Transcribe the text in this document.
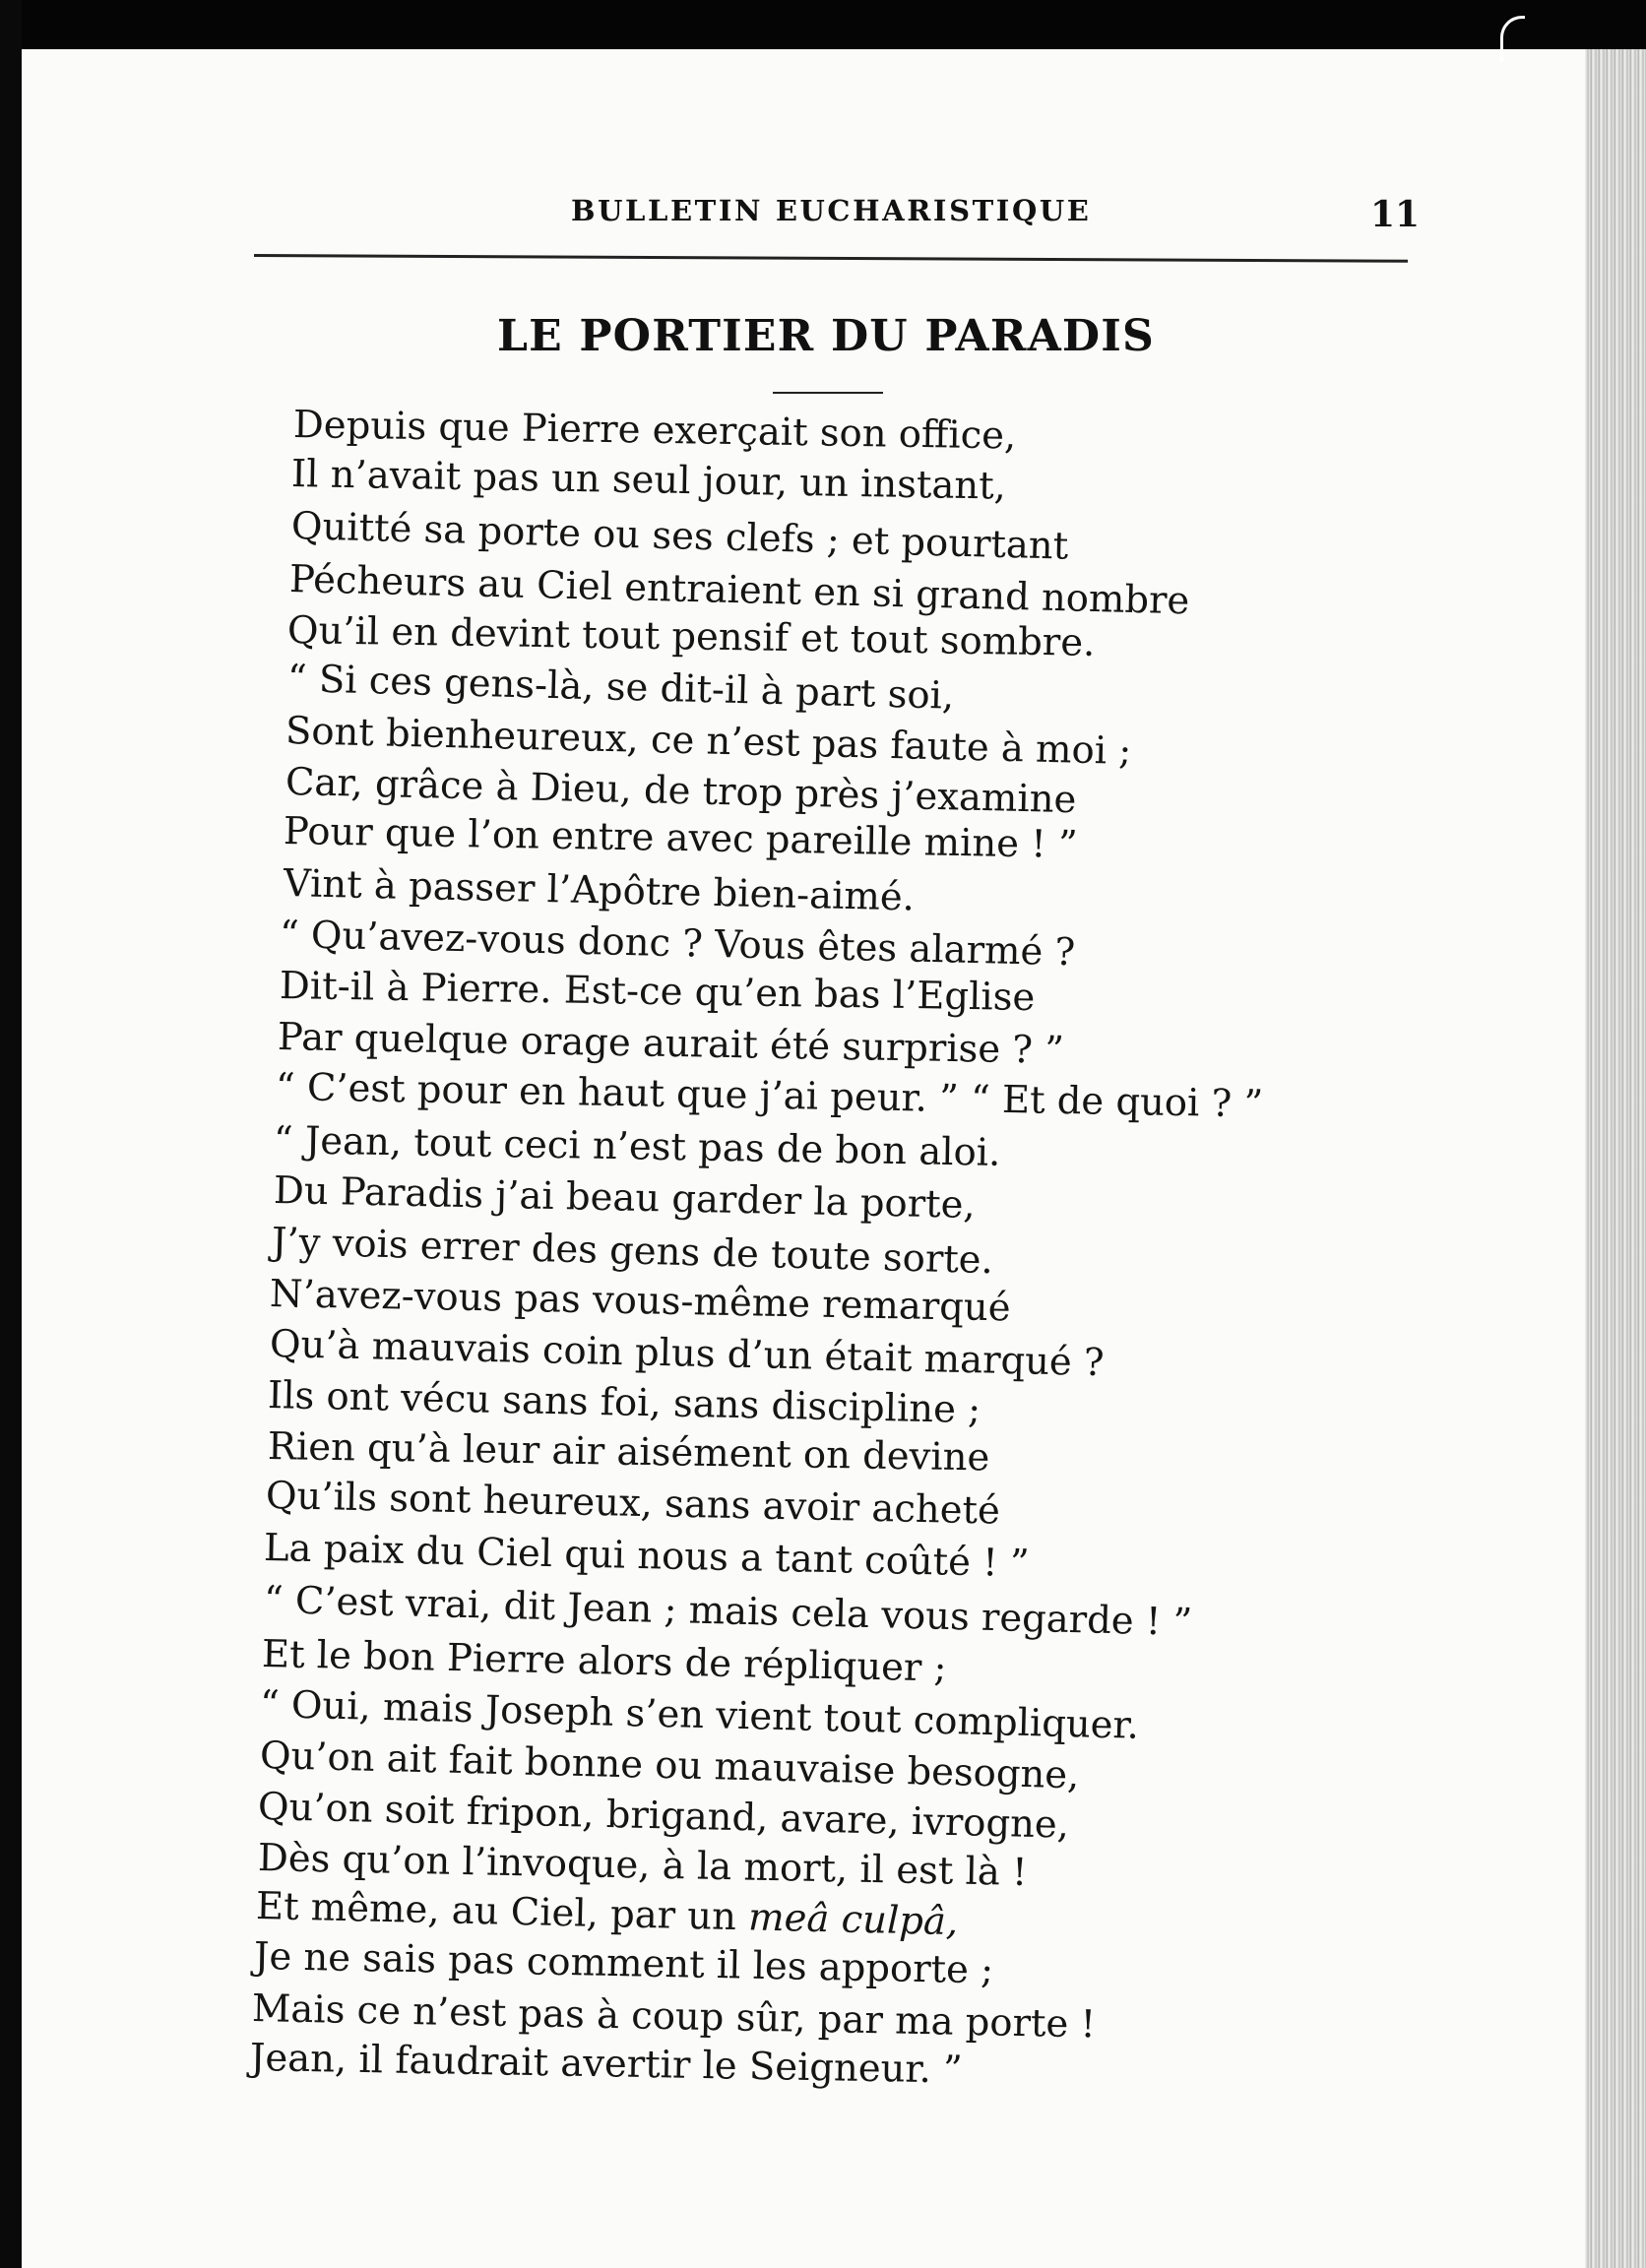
BULLETIN EUCHARISTIQUE	11
LE PORTIER DU PARADIS
Depuis que Pierre exerçait son office,
Il n’avait pas un seul jour, un instant,
Quitté sa porte ou ses clefs ; et pourtant
Pécheurs au Ciel entraient en si grand nombre
Qu’il en devint tout pensif et tout sombre.
“ Si ces gens-là, se dit-il à part soi,
Sont bienheureux, ce n’est pas faute à moi ;
Car, grâce à Dieu, de trop près j’examine
Pour que l’on entre avec pareille mine ! ”
Vint à passer l’Apôtre bien-aimé.
“ Qu’avez-vous donc ? Vous êtes alarmé ?
Dit-il à Pierre. Est-ce qu’en bas l’Eglise
Par quelque orage aurait été surprise ? ”
“ C’est pour en haut que j’ai peur. ” “ Et de quoi ? ”
“ Jean, tout ceci n’est pas de bon aloi.
Du Paradis j’ai beau garder la porte,
J’y vois errer des gens de toute sorte.
N’avez-vous pas vous-même remarqué
Qu’à mauvais coin plus d’un était marqué ?
Ils ont vécu sans foi, sans discipline ;
Rien qu’à leur air aisément on devine
Qu’ils sont heureux, sans avoir acheté
La paix du Ciel qui nous a tant coûté ! ”
“ C’est vrai, dit Jean ; mais cela vous regarde ! ”
Et le bon Pierre alors de répliquer ;
“ Oui, mais Joseph s’en vient tout compliquer.
Qu’on ait fait bonne ou mauvaise besogne,
Qu’on soit fripon, brigand, avare, ivrogne,
Dès qu’on l’invoque, à la mort, il est là !
Et même, au Ciel, par un meâ culpâ,
Je ne sais pas comment il les apporte ;
Mais ce n’est pas à coup sûr, par ma porte !
Jean, il faudrait avertir le Seigneur. ”
